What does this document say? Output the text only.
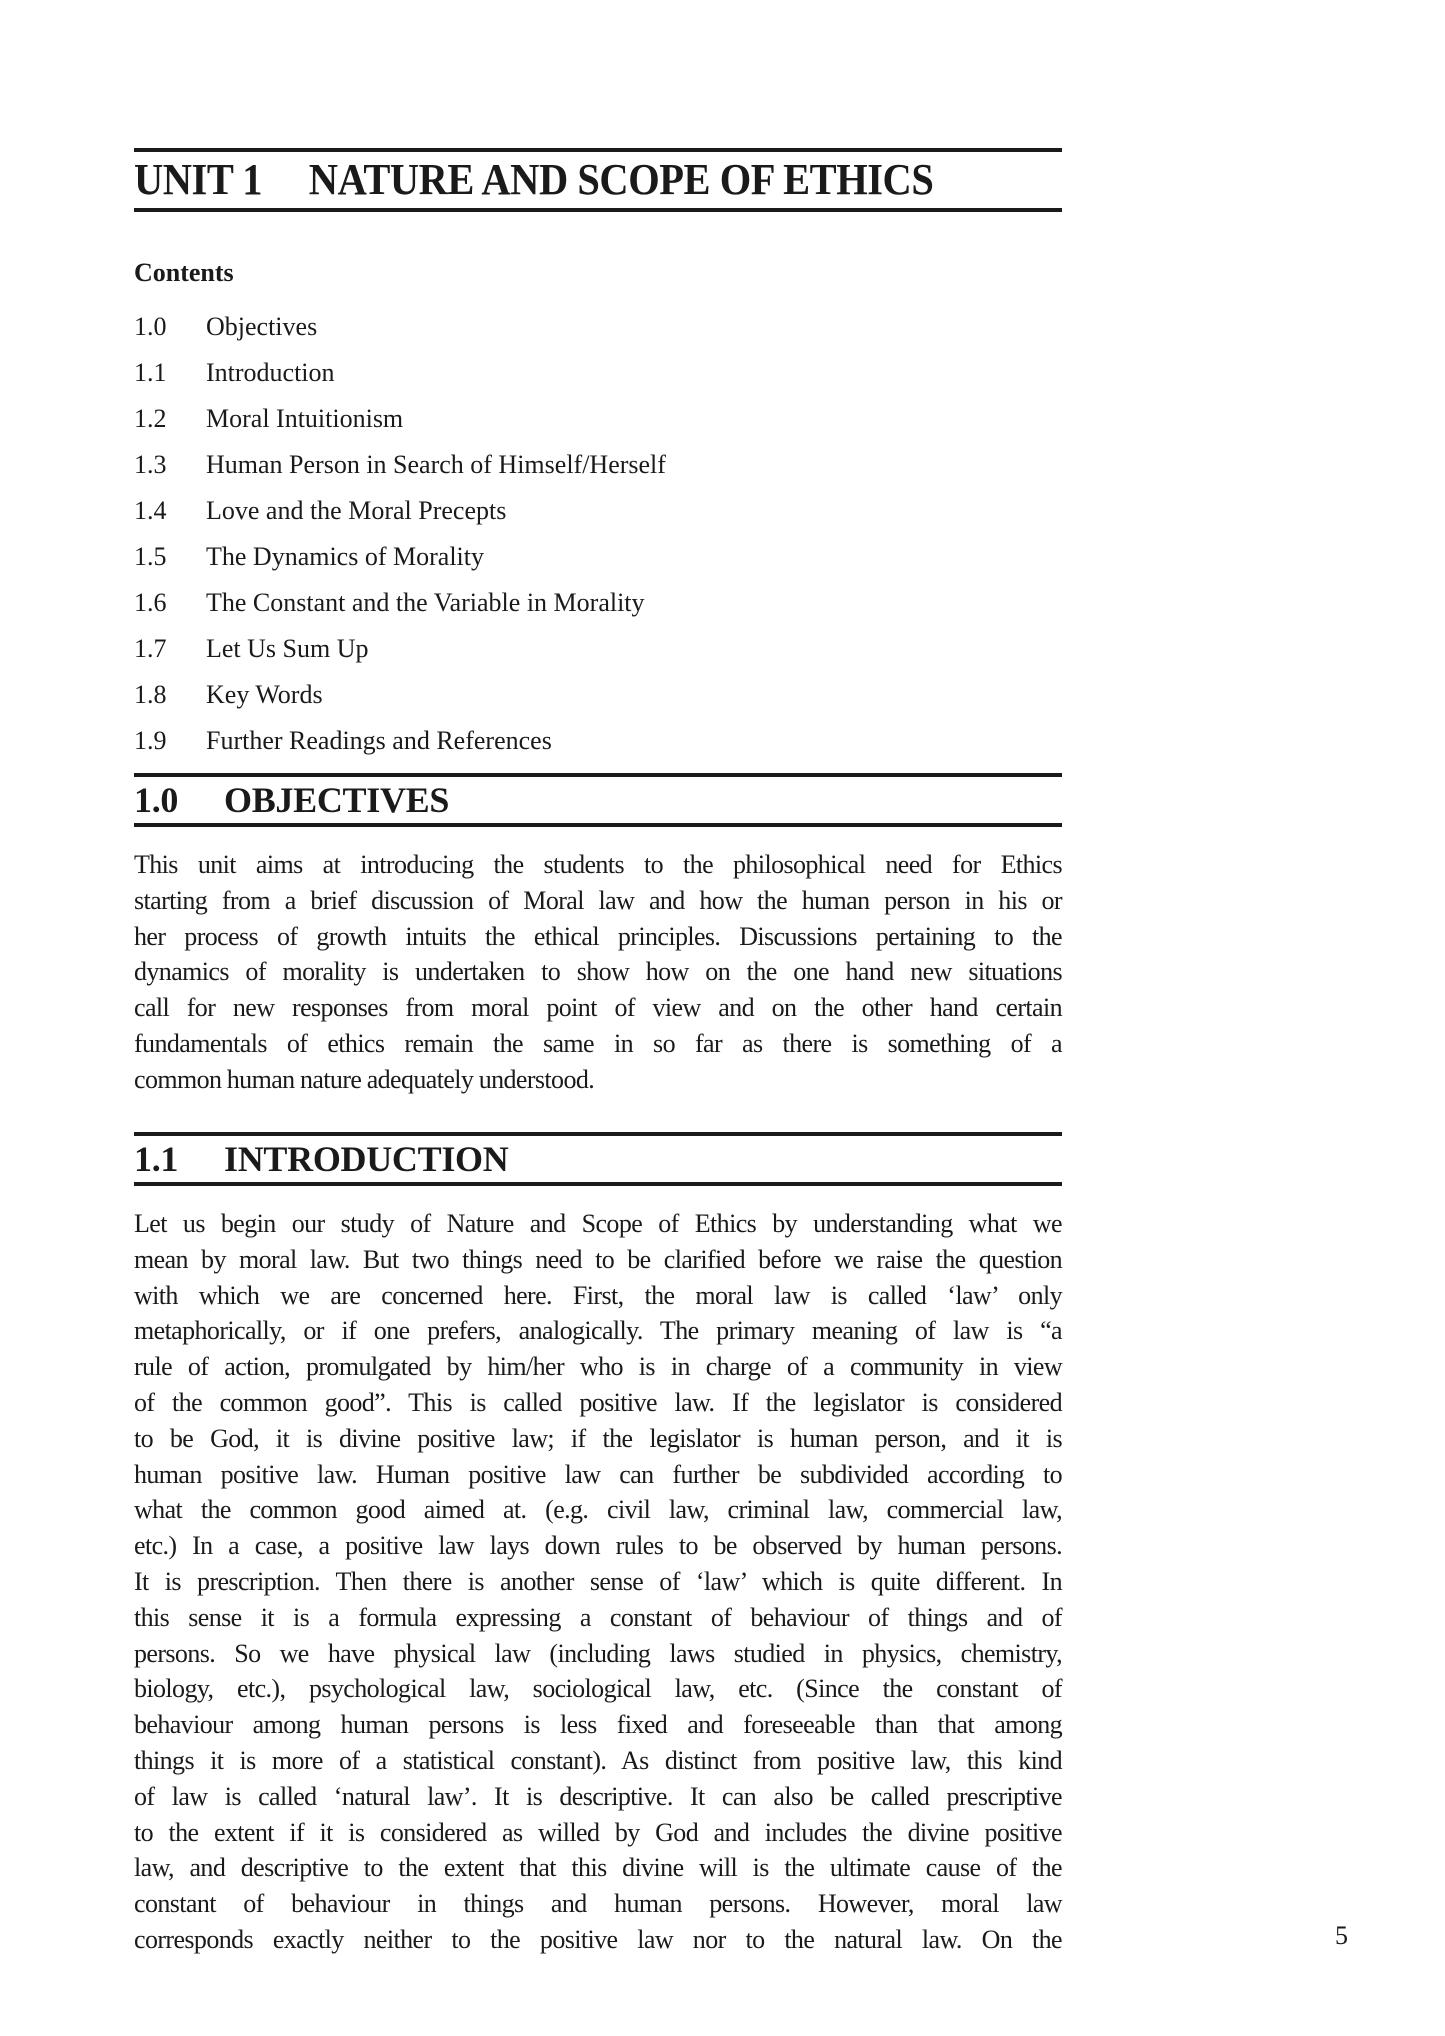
UNIT 1 NATURE AND SCOPE OF ETHICS
Contents
1.0 Objectives
1.1 Introduction
1.2 Moral Intuitionism
1.3 Human Person in Search of Himself/Herself
1.4 Love and the Moral Precepts
1.5 The Dynamics of Morality
1.6 The Constant and the Variable in Morality
1.7 Let Us Sum Up
1.8 Key Words
1.9 Further Readings and References
1.0 OBJECTIVES

This unit aims at introducing the students to the philosophical need for Ethics
starting from a brief discussion of Moral law and how the human person in his or
her process of growth intuits the ethical principles. Discussions pertaining to the
dynamics of morality is undertaken to show how on the one hand new situations
call for new responses from moral point of view and on the other hand certain
fundamentals of ethics remain the same in so far as there is something of a
common human nature adequately understood.

1.1 INTRODUCTION

Let us begin our study of Nature and Scope of Ethics by understanding what we
mean by moral law. But two things need to be clarified before we raise the question
with which we are concerned here. First, the moral law is called ‘law’ only
metaphorically, or if one prefers, analogically. The primary meaning of law is “a
rule of action, promulgated by him/her who is in charge of a community in view
of the common good”. This is called positive law. If the legislator is considered
to be God, it is divine positive law; if the legislator is human person, and it is
human positive law. Human positive law can further be subdivided according to
what the common good aimed at. (e.g. civil law, criminal law, commercial law,
etc.) In a case, a positive law lays down rules to be observed by human persons.
It is prescription. Then there is another sense of ‘law’ which is quite different. In
this sense it is a formula expressing a constant of behaviour of things and of
persons. So we have physical law (including laws studied in physics, chemistry,
biology, etc.), psychological law, sociological law, etc. (Since the constant of
behaviour among human persons is less fixed and foreseeable than that among
things it is more of a statistical constant). As distinct from positive law, this kind
of law is called ‘natural law’. It is descriptive. It can also be called prescriptive
to the extent if it is considered as willed by God and includes the divine positive
law, and descriptive to the extent that this divine will is the ultimate cause of the
constant of behaviour in things and human persons. However, moral law
corresponds exactly neither to the positive law nor to the natural law. On the	5
